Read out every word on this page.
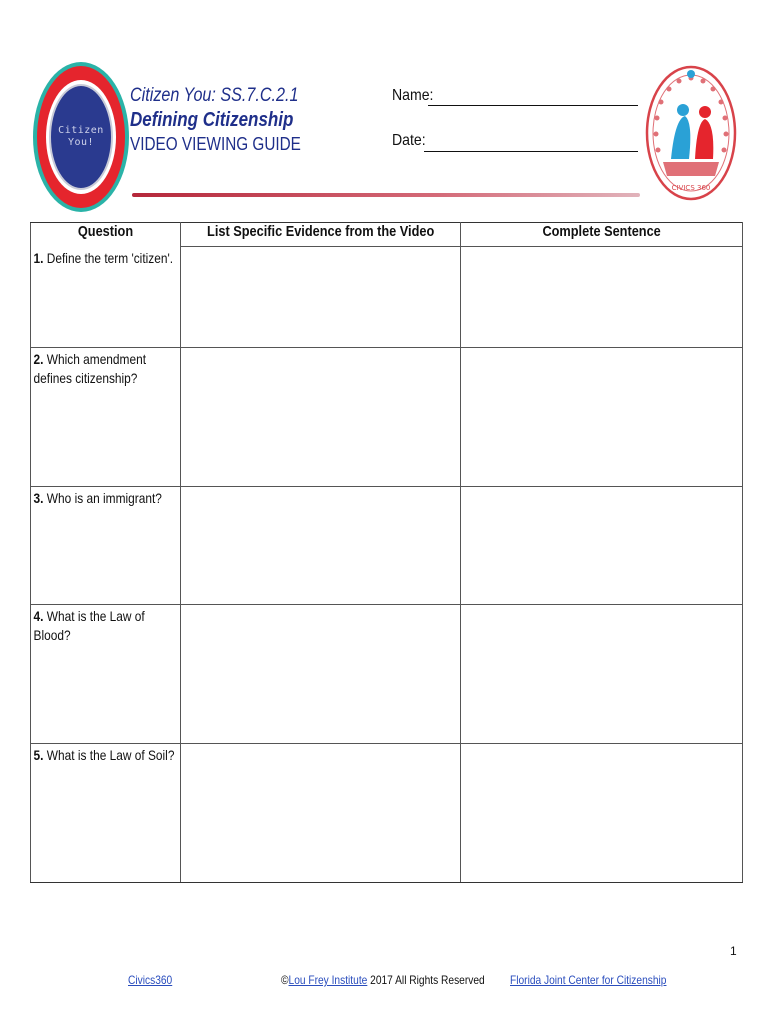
Citizen
You!
Citizen You: SS.7.C.2.1
Defining Citizenship
VIDEO VIEWING GUIDE
Name:
Date:
CIVICS 360
Question	List Specific Evidence from the Video	Complete Sentence

1. Define the term 'citizen'.		

2. Which amendment defines citizenship?		

3. Who is an immigrant?		

4. What is the Law of Blood?		

5. What is the Law of Soil?		

1
Civics360	©Lou Frey Institute 2017 All Rights Reserved Florida Joint Center for Citizenship
